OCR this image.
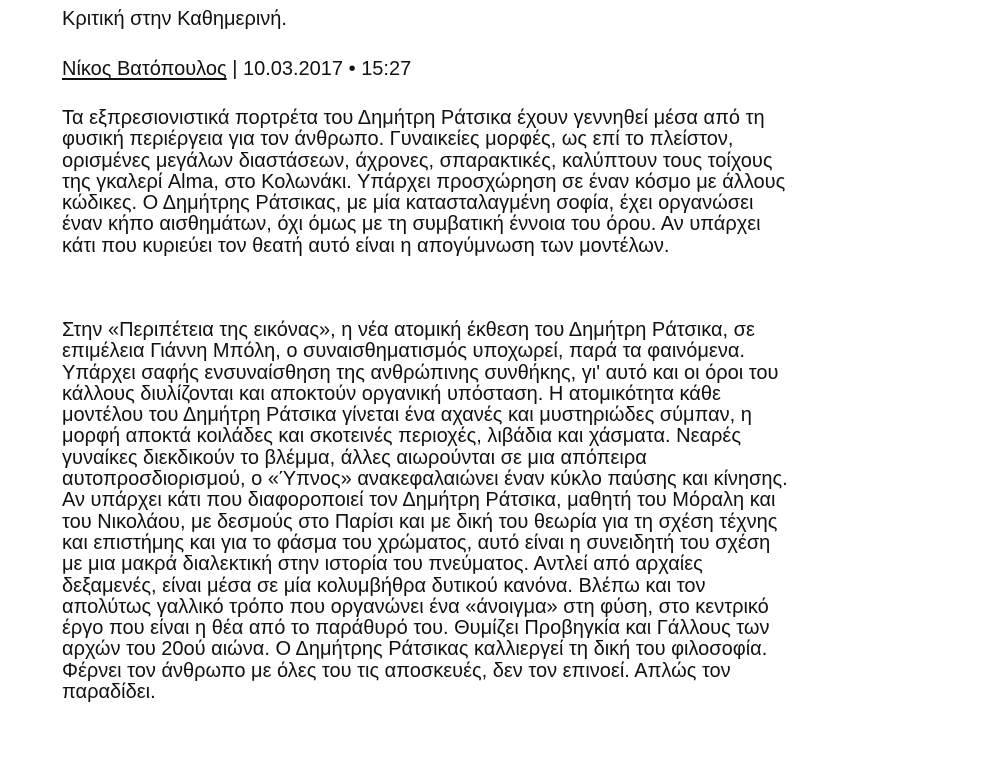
Κριτική στην Καθημερινή.

Νίκος Βατόπουλος | 10.03.2017 • 15:27

Τα εξπρεσιονιστικά πορτρέτα του Δημήτρη Ράτσικα έχουν γεννηθεί μέσα από τη
φυσική περιέργεια για τον άνθρωπο. Γυναικείες μορφές, ως επί το πλείστον,
ορισμένες μεγάλων διαστάσεων, άχρονες, σπαρακτικές, καλύπτουν τους τοίχους
της γκαλερί Alma, στο Κολωνάκι. Υπάρχει προσχώρηση σε έναν κόσμο με άλλους
κώδικες. Ο Δημήτρης Ράτσικας, με μία κατασταλαγμένη σοφία, έχει οργανώσει
έναν κήπο αισθημάτων, όχι όμως με τη συμβατική έννοια του όρου. Αν υπάρχει
κάτι που κυριεύει τον θεατή αυτό είναι η απογύμνωση των μοντέλων.

Στην «Περιπέτεια της εικόνας», η νέα ατομική έκθεση του Δημήτρη Ράτσικα, σε
επιμέλεια Γιάννη Μπόλη, ο συναισθηματισμός υποχωρεί, παρά τα φαινόμενα.
Υπάρχει σαφής ενσυναίσθηση της ανθρώπινης συνθήκης, γι' αυτό και οι όροι του
κάλλους διυλίζονται και αποκτούν οργανική υπόσταση. Η ατομικότητα κάθε
μοντέλου του Δημήτρη Ράτσικα γίνεται ένα αχανές και μυστηριώδες σύμπαν, η
μορφή αποκτά κοιλάδες και σκοτεινές περιοχές, λιβάδια και χάσματα. Νεαρές
γυναίκες διεκδικούν το βλέμμα, άλλες αιωρούνται σε μια απόπειρα
αυτοπροσδιορισμού, ο «Ύπνος» ανακεφαλαιώνει έναν κύκλο παύσης και κίνησης.
Αν υπάρχει κάτι που διαφοροποιεί τον Δημήτρη Ράτσικα, μαθητή του Μόραλη και
του Νικολάου, με δεσμούς στο Παρίσι και με δική του θεωρία για τη σχέση τέχνης
και επιστήμης και για το φάσμα του χρώματος, αυτό είναι η συνειδητή του σχέση
με μια μακρά διαλεκτική στην ιστορία του πνεύματος. Αντλεί από αρχαίες
δεξαμενές, είναι μέσα σε μία κολυμβήθρα δυτικού κανόνα. Βλέπω και τον
απολύτως γαλλικό τρόπο που οργανώνει ένα «άνοιγμα» στη φύση, στο κεντρικό
έργο που είναι η θέα από το παράθυρό του. Θυμίζει Προβηγκία και Γάλλους των
αρχών του 20ού αιώνα. Ο Δημήτρης Ράτσικας καλλιεργεί τη δική του φιλοσοφία.
Φέρνει τον άνθρωπο με όλες του τις αποσκευές, δεν τον επινοεί. Απλώς τον
παραδίδει.
